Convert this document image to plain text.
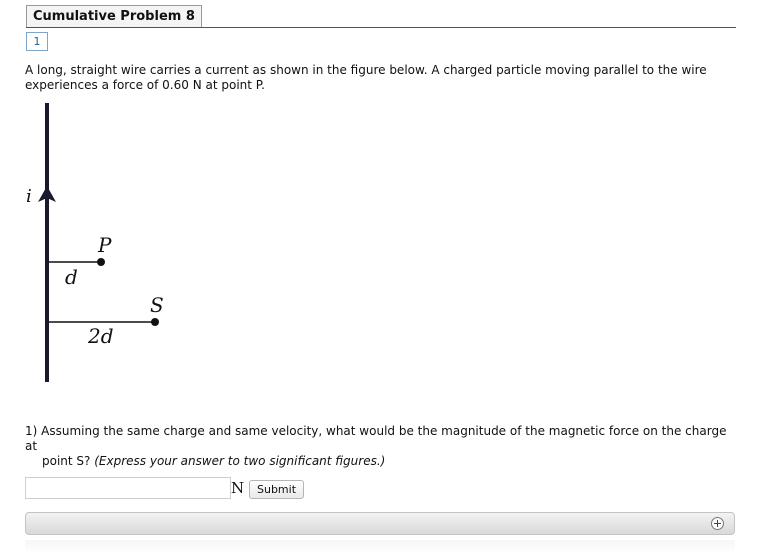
Cumulative Problem 8
1
A long, straight wire carries a current as shown in the figure below. A charged particle moving parallel to the wire experiences a force of 0.60 N at point P.
i
P
d
S
2d
1) Assuming the same charge and same velocity, what would be the magnitude of the magnetic force on the charge at
point S? (Express your answer to two significant figures.)
N	Submit
